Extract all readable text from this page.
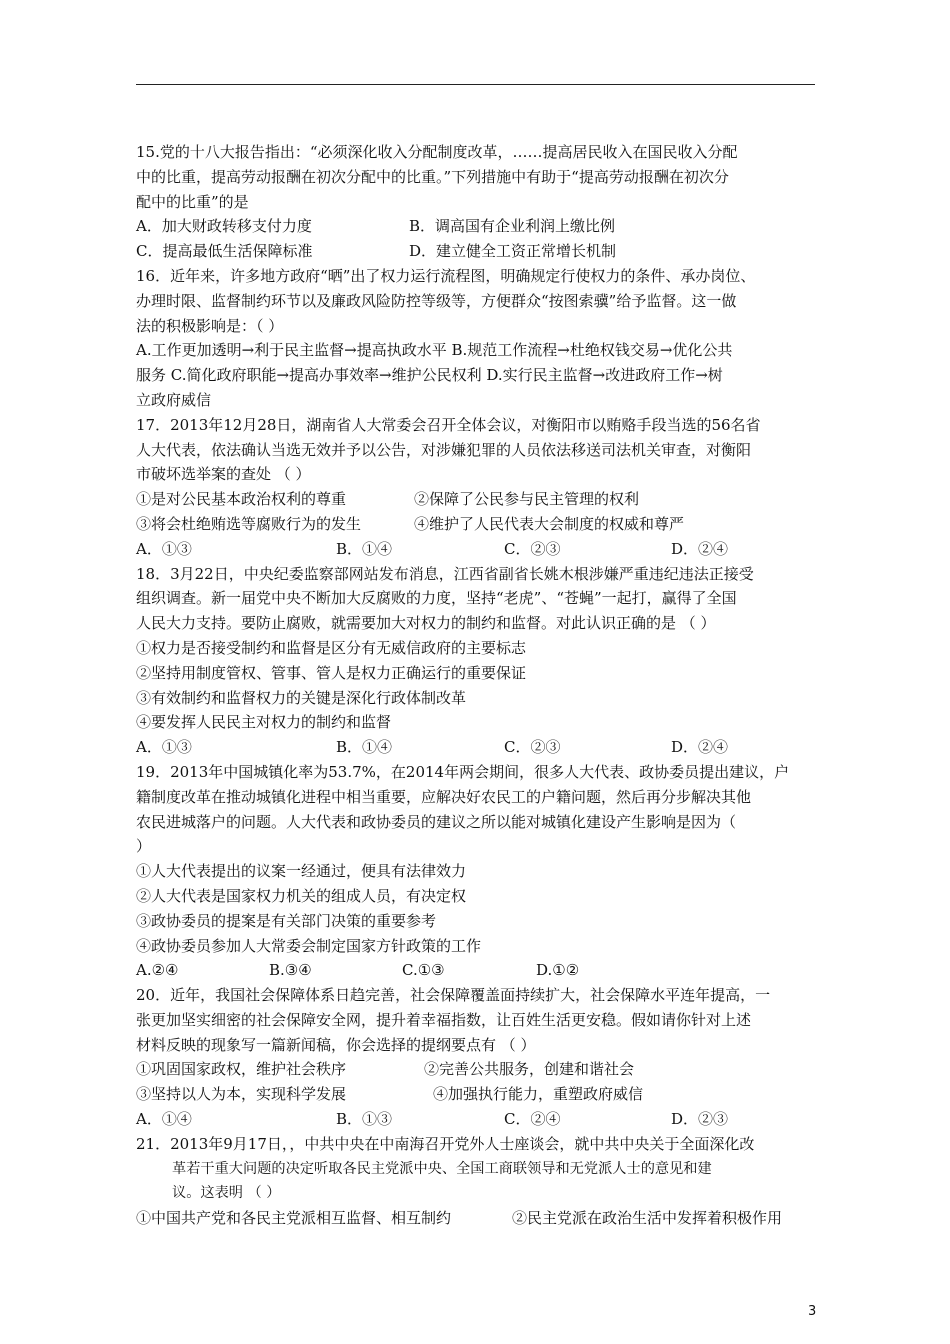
15.党的十八大报告指出：“必须深化收入分配制度改革，……提高居民收入在国民收入分配
中的比重，提高劳动报酬在初次分配中的比重。”下列措施中有助于“提高劳动报酬在初次分
配中的比重”的是
A．加大财政转移支付力度	B．调高国有企业利润上缴比例
C．提高最低生活保障标准	D．建立健全工资正常增长机制
16．近年来，许多地方政府“晒”出了权力运行流程图，明确规定行使权力的条件、承办岗位、
办理时限、监督制约环节以及廉政风险防控等级等，方便群众“按图索骥”给予监督。这一做
法的积极影响是：（ ）
A.工作更加透明→利于民主监督→提高执政水平 B.规范工作流程→杜绝权钱交易→优化公共
服务 C.简化政府职能→提高办事效率→维护公民权利 D.实行民主监督→改进政府工作→树
立政府威信
17．2013年12月28日，湖南省人大常委会召开全体会议，对衡阳市以贿赂手段当选的56名省
人大代表，依法确认当选无效并予以公告，对涉嫌犯罪的人员依法移送司法机关审查，对衡阳
市破坏选举案的查处 （ ）
①是对公民基本政治权利的尊重	②保障了公民参与民主管理的权利
③将会杜绝贿选等腐败行为的发生	④维护了人民代表大会制度的权威和尊严
A．①③	B．①④	C．②③	D．②④
18．3月22日，中央纪委监察部网站发布消息，江西省副省长姚木根涉嫌严重违纪违法正接受
组织调查。新一届党中央不断加大反腐败的力度，坚持“老虎”、“苍蝇”一起打，赢得了全国
人民大力支持。要防止腐败，就需要加大对权力的制约和监督。对此认识正确的是 （ ）
①权力是否接受制约和监督是区分有无威信政府的主要标志
②坚持用制度管权、管事、管人是权力正确运行的重要保证
③有效制约和监督权力的关键是深化行政体制改革
④要发挥人民民主对权力的制约和监督
A．①③	B．①④	C．②③	D．②④
19．2013年中国城镇化率为53.7%，在2014年两会期间，很多人大代表、政协委员提出建议，户
籍制度改革在推动城镇化进程中相当重要，应解决好农民工的户籍问题，然后再分步解决其他
农民进城落户的问题。人大代表和政协委员的建议之所以能对城镇化建设产生影响是因为（
）
①人大代表提出的议案一经通过，便具有法律效力
②人大代表是国家权力机关的组成人员，有决定权
③政协委员的提案是有关部门决策的重要参考
④政协委员参加人大常委会制定国家方针政策的工作
A.②④	B.③④	C.①③	D.①②
20．近年，我国社会保障体系日趋完善，社会保障覆盖面持续扩大，社会保障水平连年提高，一
张更加坚实细密的社会保障安全网，提升着幸福指数，让百姓生活更安稳。假如请你针对上述
材料反映的现象写一篇新闻稿，你会选择的提纲要点有 （ ）
①巩固国家政权，维护社会秩序	②完善公共服务，创建和谐社会
③坚持以人为本，实现科学发展	④加强执行能力，重塑政府威信
A．①④	B．①③	C．②④	D．②③
21．2013年9月17日，，中共中央在中南海召开党外人士座谈会，就中共中央关于全面深化改
革若干重大问题的决定听取各民主党派中央、全国工商联领导和无党派人士的意见和建
议。这表明 （ ）
①中国共产党和各民主党派相互监督、相互制约	②民主党派在政治生活中发挥着积极作用
3
